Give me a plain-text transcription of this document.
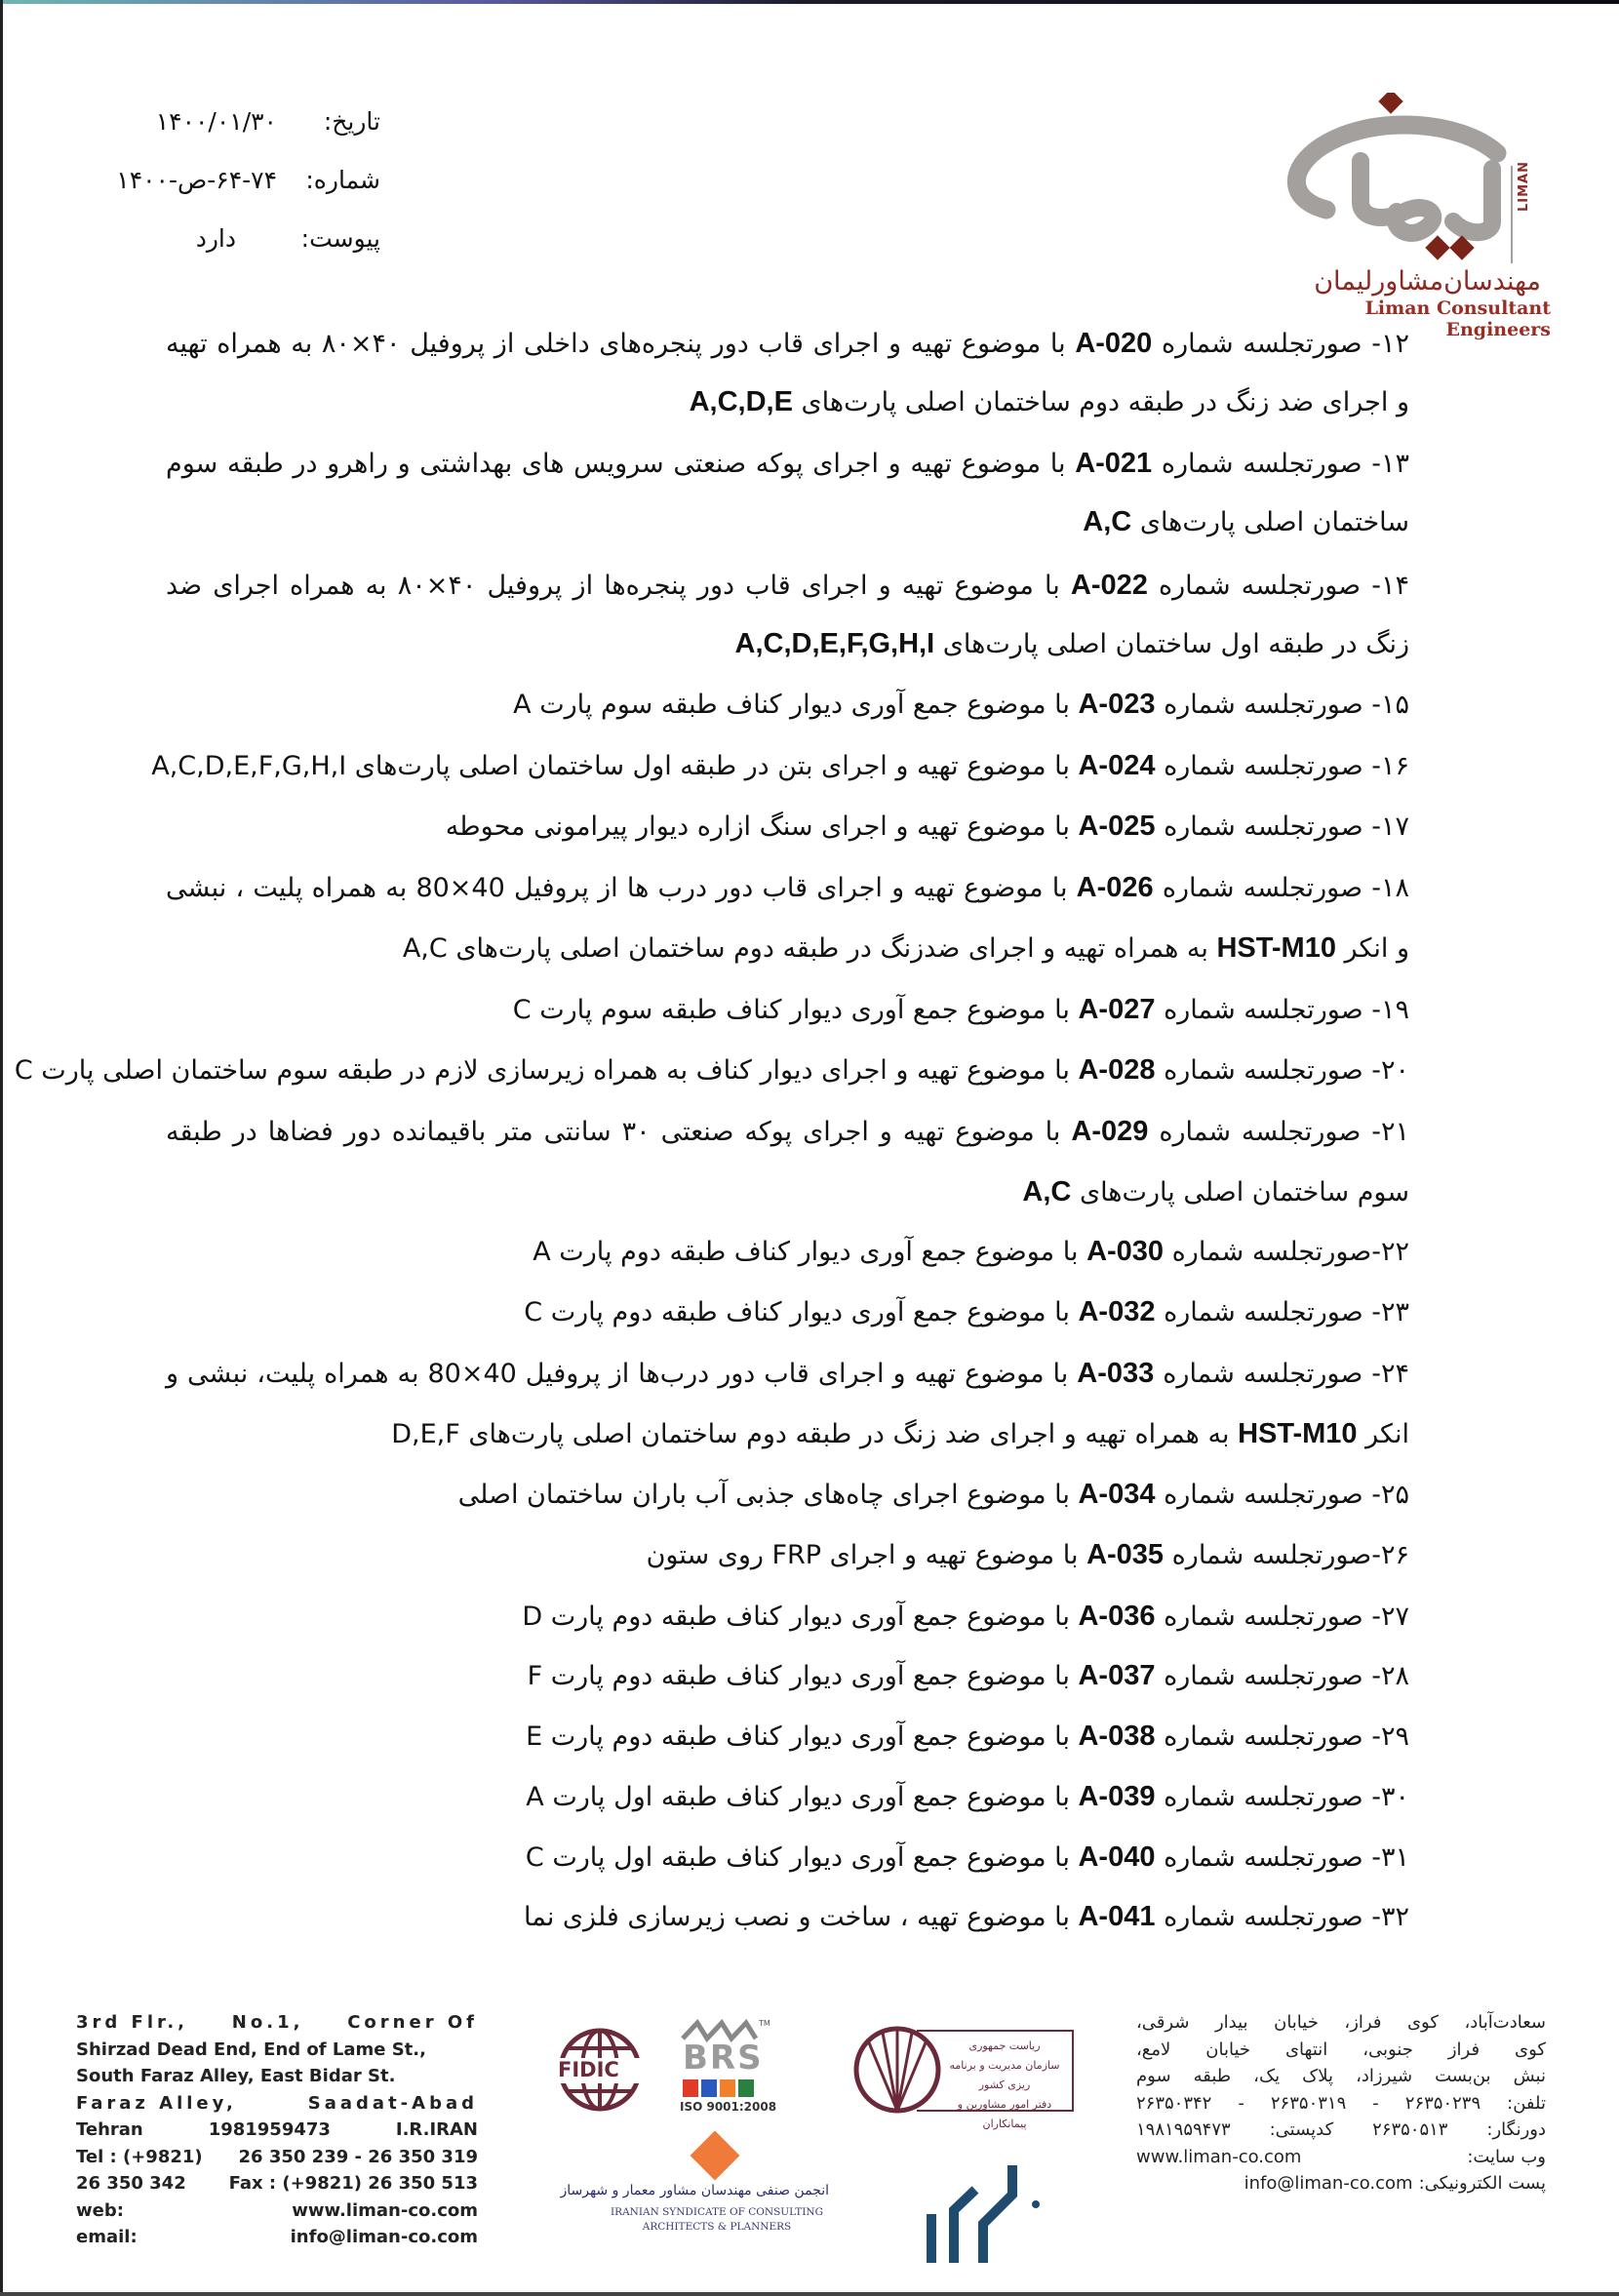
تاریخ:
۱۴۰۰/۰۱/۳۰
شماره:
۶۴-۷۴-ص-۱۴۰۰
پیوست:
دارد
LIMAN
مهندسان‌مشاورلیمان
Liman Consultant Engineers
۱۲- صورتجلسه شماره A-020 با موضوع تهیه و اجرای قاب دور پنجره‌های داخلی از پروفیل ۴۰×۸۰ به همراه تهیه
و اجرای ضد زنگ در طبقه دوم ساختمان اصلی پارت‌های A,C,D,E
۱۳- صورتجلسه شماره A-021 با موضوع تهیه و اجرای پوکه صنعتی سرویس های بهداشتی و راهرو در طبقه سوم
ساختمان اصلی پارت‌های A,C
۱۴- صورتجلسه شماره A-022 با موضوع تهیه و اجرای قاب دور پنجره‌ها از پروفیل ۴۰×۸۰ به همراه اجرای ضد
زنگ در طبقه اول ساختمان اصلی پارت‌های A,C,D,E,F,G,H,I
۱۵- صورتجلسه شماره A-023 با موضوع جمع آوری دیوار کناف طبقه سوم پارت A
۱۶- صورتجلسه شماره A-024 با موضوع تهیه و اجرای بتن در طبقه اول ساختمان اصلی پارت‌های A,C,D,E,F,G,H,I
۱۷- صورتجلسه شماره A-025 با موضوع تهیه و اجرای سنگ ازاره دیوار پیرامونی محوطه
۱۸- صورتجلسه شماره A-026 با موضوع تهیه و اجرای قاب دور درب ها از پروفیل 40×80 به همراه پلیت ، نبشی
و انکر HST-M10 به همراه تهیه و اجرای ضدزنگ در طبقه دوم ساختمان اصلی پارت‌های A,C
۱۹- صورتجلسه شماره A-027 با موضوع جمع آوری دیوار کناف طبقه سوم پارت C
۲۰- صورتجلسه شماره A-028 با موضوع تهیه و اجرای دیوار کناف به همراه زیرسازی لازم در طبقه سوم ساختمان اصلی پارت C
۲۱- صورتجلسه شماره A-029 با موضوع تهیه و اجرای پوکه صنعتی ۳۰ سانتی متر باقیمانده دور فضاها در طبقه
سوم ساختمان اصلی پارت‌های A,C
۲۲-صورتجلسه شماره A-030 با موضوع جمع آوری دیوار کناف طبقه دوم پارت A
۲۳- صورتجلسه شماره A-032 با موضوع جمع آوری دیوار کناف طبقه دوم پارت C
۲۴- صورتجلسه شماره A-033 با موضوع تهیه و اجرای قاب دور درب‌ها از پروفیل 40×80 به همراه پلیت، نبشی و
انکر HST-M10 به همراه تهیه و اجرای ضد زنگ در طبقه دوم ساختمان اصلی پارت‌های D,E,F
۲۵- صورتجلسه شماره A-034 با موضوع اجرای چاه‌های جذبی آب باران ساختمان اصلی
۲۶-صورتجلسه شماره A-035 با موضوع تهیه و اجرای FRP روی ستون
۲۷- صورتجلسه شماره A-036 با موضوع جمع آوری دیوار کناف طبقه دوم پارت D
۲۸- صورتجلسه شماره A-037 با موضوع جمع آوری دیوار کناف طبقه دوم پارت F
۲۹- صورتجلسه شماره A-038 با موضوع جمع آوری دیوار کناف طبقه دوم پارت E
۳۰- صورتجلسه شماره A-039 با موضوع جمع آوری دیوار کناف طبقه اول پارت A
۳۱- صورتجلسه شماره A-040 با موضوع جمع آوری دیوار کناف طبقه اول پارت C
۳۲- صورتجلسه شماره A-041 با موضوع تهیه ، ساخت و نصب زیرسازی فلزی نما
3rd Flr., No.1, Corner Of
Shirzad Dead End, End of Lame St.,
South Faraz Alley, East Bidar St.
Faraz Alley,	Saadat-Abad
Tehran	1981959473	I.R.IRAN
Tel : (+9821) 26 350 239 - 26 350 319
26 350 342 Fax : (+9821) 26 350 513
web:	www.liman-co.com
email:	info@liman-co.com
FIDIC BRS
TM
ISO 9001:2008
ریاست جمهوری
سازمان مدیریت و برنامه ریزی کشور
دفتر امور مشاورین و پیمانکاران
انجمن صنفی مهندسان مشاور معمار و شهرساز
IRANIAN SYNDICATE OF CONSULTING
ARCHITECTS & PLANNERS
سعادت‌آباد، کوی فراز، خیابان بیدار شرقی،
کوی فراز جنوبی، انتهای خیابان لامع،
نبش بن‌بست شیرزاد، پلاک یک، طبقه سوم
تلفن: ۲۶۳۵۰۲۳۹ - ۲۶۳۵۰۳۱۹ - ۲۶۳۵۰۳۴۲
دورنگار: ۲۶۳۵۰۵۱۳ کدپستی: ۱۹۸۱۹۵۹۴۷۳
وب سایت:
www.liman-co.com
پست الکترونیکی:
info@liman-co.com
